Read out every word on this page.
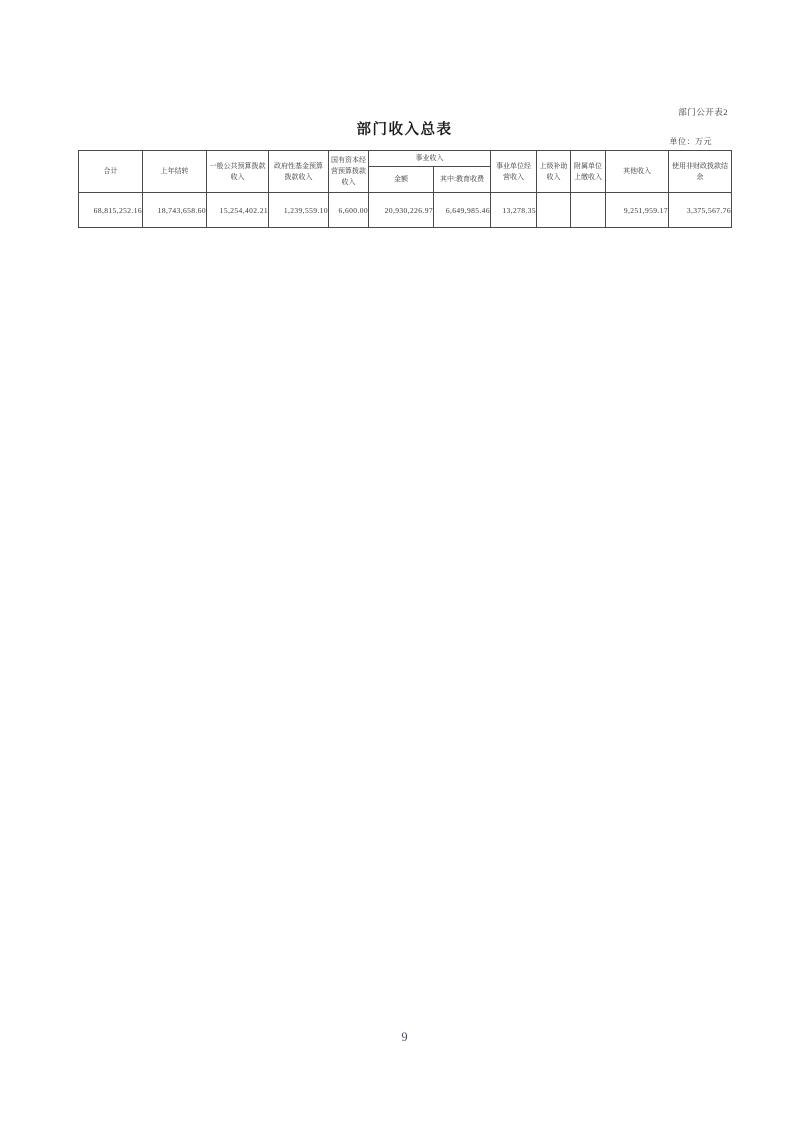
部门公开表2
部门收入总表
单位：万元
合计	上年结转	一般公共预算拨款收入	政府性基金预算拨款收入	国有资本经营预算拨款收入	事业收入		事业单位经营收入	上级补助收入	附属单位上缴收入	其他收入	使用非财政拨款结余
					金额	其中:教育收费					
68,815,252.16	18,743,658.60	15,254,402.21	1,239,559.10	6,600.00	20,930,226.97	6,649,985.46	13,278.35			9,251,959.17	3,375,567.76
9
